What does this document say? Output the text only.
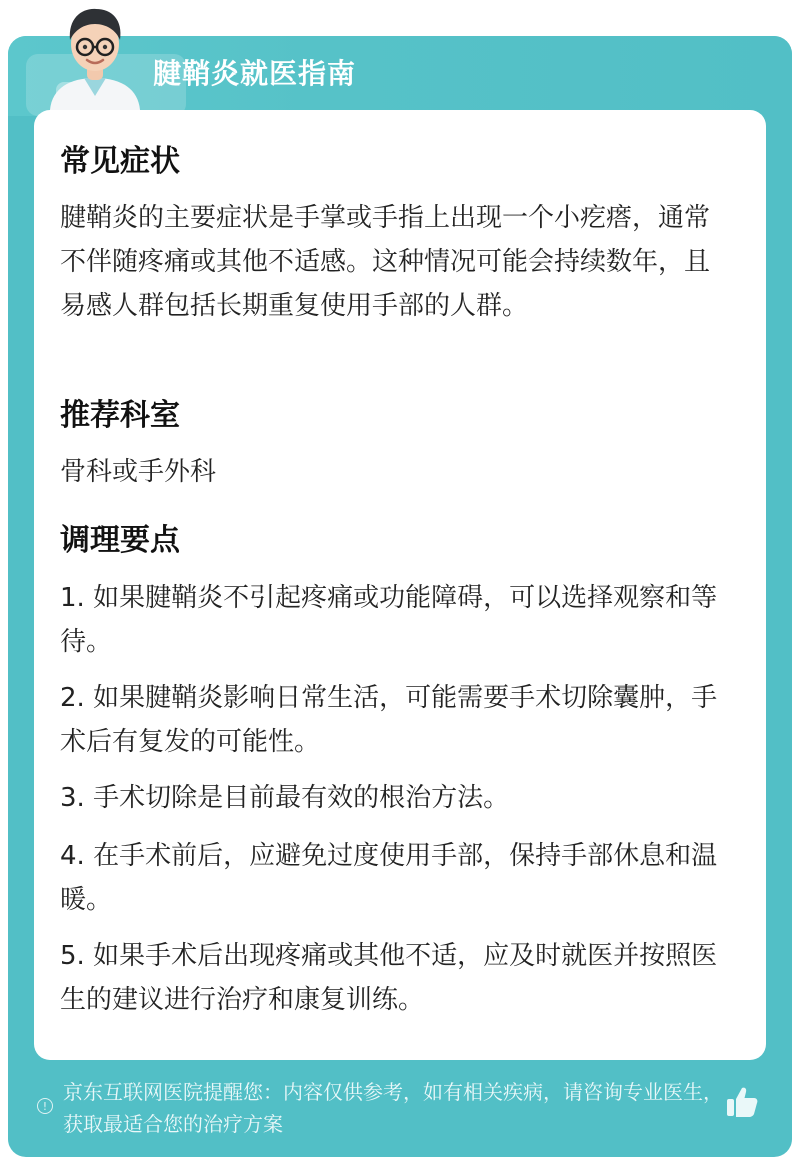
腱鞘炎就医指南
常见症状
腱鞘炎的主要症状是手掌或手指上出现一个小疙瘩，通常不伴随疼痛或其他不适感。这种情况可能会持续数年，且易感人群包括长期重复使用手部的人群。
推荐科室
骨科或手外科
调理要点
1. 如果腱鞘炎不引起疼痛或功能障碍，可以选择观察和等待。
2. 如果腱鞘炎影响日常生活，可能需要手术切除囊肿，手术后有复发的可能性。
3. 手术切除是目前最有效的根治方法。
4. 在手术前后，应避免过度使用手部，保持手部休息和温暖。
5. 如果手术后出现疼痛或其他不适，应及时就医并按照医生的建议进行治疗和康复训练。
!
京东互联网医院提醒您：内容仅供参考，如有相关疾病，请咨询专业医生，获取最适合您的治疗方案
